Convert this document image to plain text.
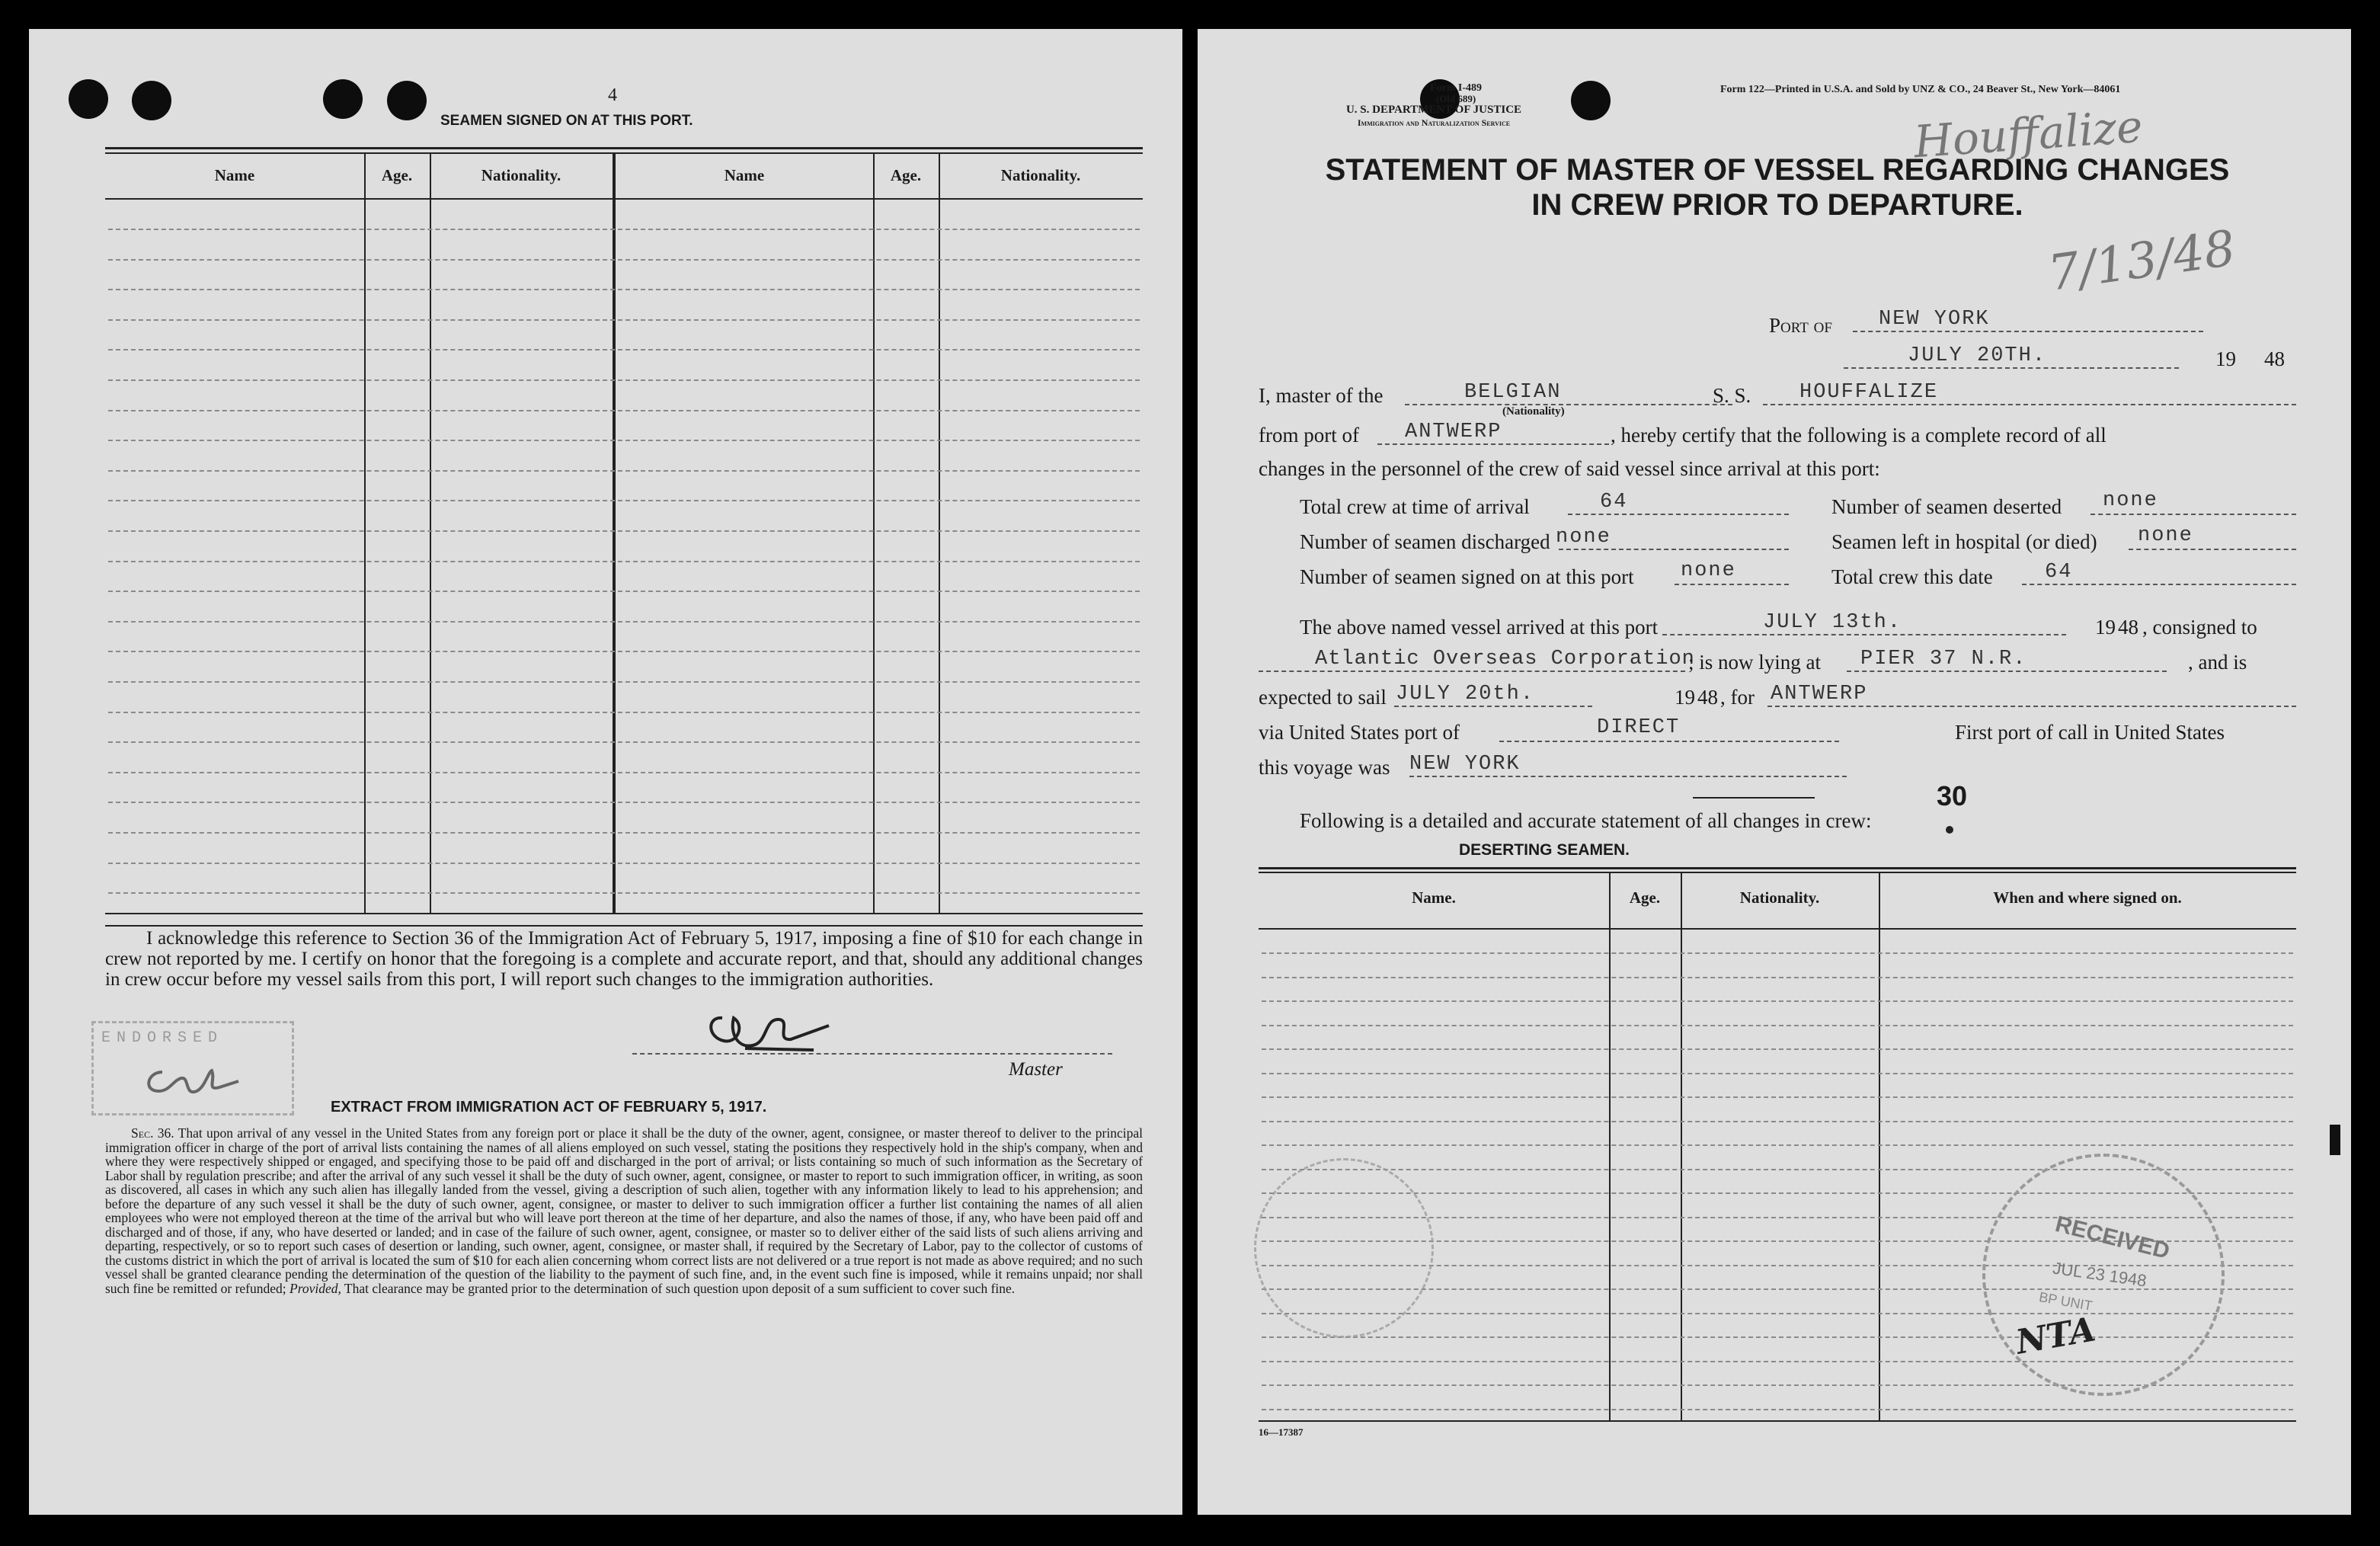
4
SEAMEN SIGNED ON AT THIS PORT.
Name	Age.	Nationality.	Name	Age.	Nationality.
I acknowledge this reference to Section 36 of the Immigration Act of February 5, 1917, imposing a fine of $10 for each change in crew not reported by me. I certify on honor that the foregoing is a complete and accurate report, and that, should any additional changes in crew occur before my vessel sails from this port, I will report such changes to the immigration authorities.
ENDORSED
Master
EXTRACT FROM IMMIGRATION ACT OF FEBRUARY 5, 1917.
Sec. 36. That upon arrival of any vessel in the United States from any foreign port or place it shall be the duty of the owner, agent, consignee, or master thereof to deliver to the principal immigration officer in charge of the port of arrival lists containing the names of all aliens employed on such vessel, stating the positions they respectively hold in the ship's company, when and where they were respectively shipped or engaged, and specifying those to be paid off and discharged in the port of arrival; or lists containing so much of such information as the Secretary of Labor shall by regulation prescribe; and after the arrival of any such vessel it shall be the duty of such owner, agent, consignee, or master to report to such immigration officer, in writing, as soon as discovered, all cases in which any such alien has illegally landed from the vessel, giving a description of such alien, together with any information likely to lead to his apprehension; and before the departure of any such vessel it shall be the duty of such owner, agent, consignee, or master to deliver to such immigration officer a further list containing the names of all alien employees who were not employed thereon at the time of the arrival but who will leave port thereon at the time of her departure, and also the names of those, if any, who have been paid off and discharged and of those, if any, who have deserted or landed; and in case of the failure of such owner, agent, consignee, or master so to deliver either of the said lists of such aliens arriving and departing, respectively, or so to report such cases of desertion or landing, such owner, agent, consignee, or master shall, if required by the Secretary of Labor, pay to the collector of customs of the customs district in which the port of arrival is located the sum of $10 for each alien concerning whom correct lists are not delivered or a true report is not made as above required; and no such vessel shall be granted clearance pending the determination of the question of the liability to the payment of such fine, and, in the event such fine is imposed, while it remains unpaid; nor shall such fine be remitted or refunded; Provided, That clearance may be granted prior to the determination of such question upon deposit of a sum sufficient to cover such fine.
Form I-489
(Old 689)
U. S. DEPARTMENT OF JUSTICE
Immigration and Naturalization Service
Form 122—Printed in U.S.A. and Sold by UNZ & CO., 24 Beaver St., New York—84061
Houffalize
7/13/48
STATEMENT OF MASTER OF VESSEL REGARDING CHANGES
IN CREW PRIOR TO DEPARTURE.
Port of NEW YORK
JULY 20TH.	19 48
I, master of the	BELGIAN
(Nationality)
S. S. HOUFFALIZE
from port of ANTWERP	, hereby certify that the following is a complete record of all
changes in the personnel of the crew of said vessel since arrival at this port:
Total crew at time of arrival	64	Number of seamen deserted none
Number of seamen discharged none	Seamen left in hospital (or died) none
Number of seamen signed on at this port none	Total crew this date	64
The above named vessel arrived at this port	JULY 13th.	19 48 , consigned to
Atlantic Overseas Corporation
; is now lying at PIER 37 N.R.	, and is
expected to sail JULY 20th.	19 48 , for ANTWERP
via United States port of	DIRECT	First port of call in United States
this voyage was NEW YORK
30
Following is a detailed and accurate statement of all changes in crew:
DESERTING SEAMEN.
Name.	Age.	Nationality.	When and where signed on.
RECEIVED
JUL 23 1948
BP UNIT
NTA
16—17387
